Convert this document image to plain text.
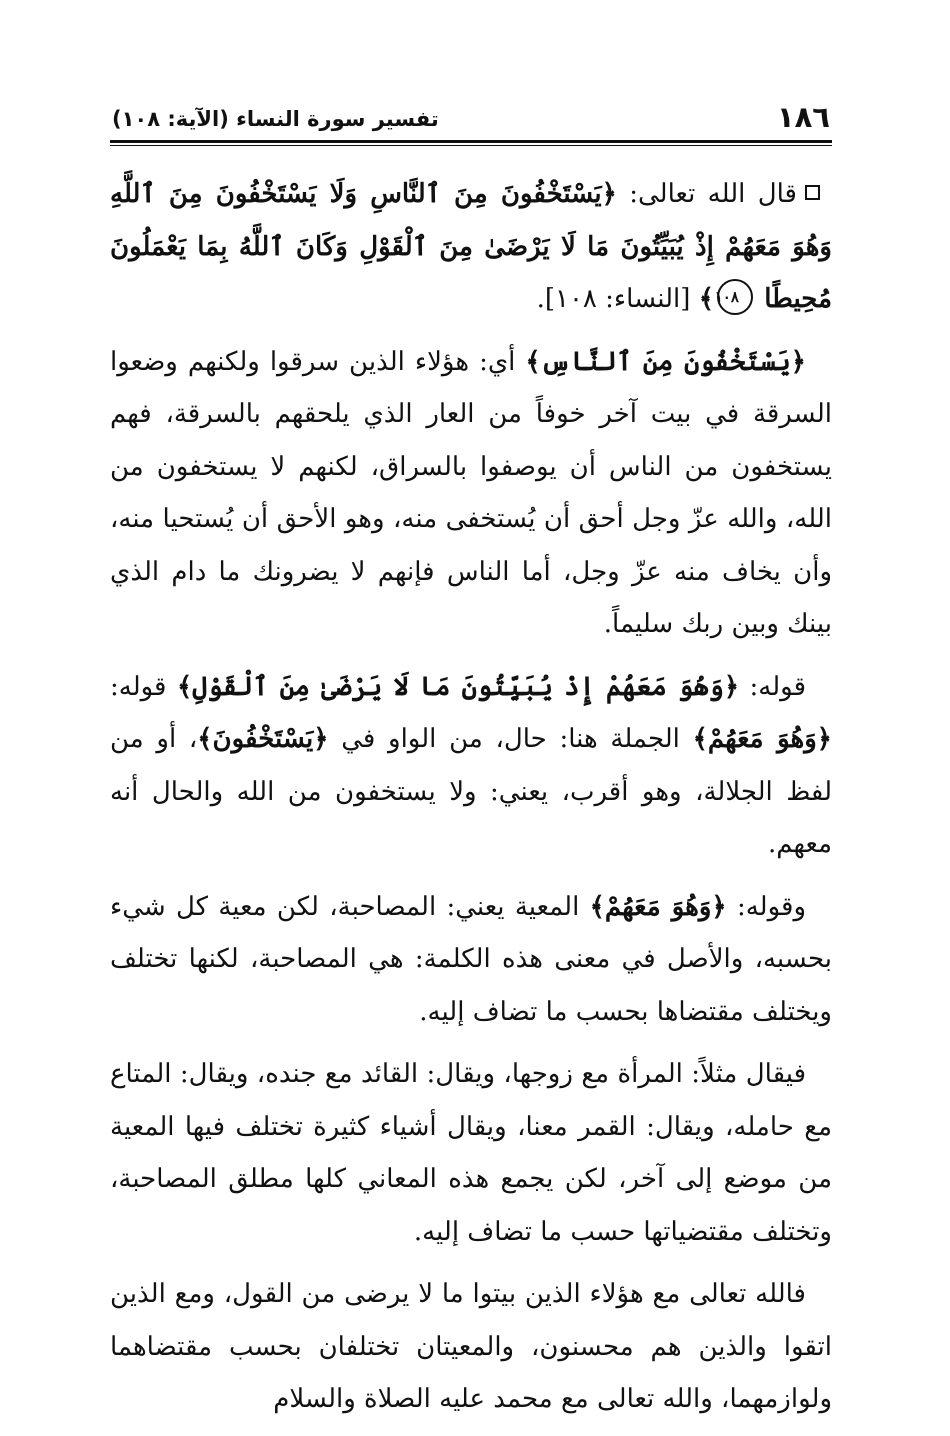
١٨٦
تفسير سورة النساء (الآية: ١٠٨)

قال الله تعالى: ﴿يَسْتَخْفُونَ مِنَ ٱلنَّاسِ وَلَا يَسْتَخْفُونَ مِنَ ٱللَّهِ وَهُوَ مَعَهُمْ إِذْ يُبَيِّتُونَ مَا لَا يَرْضَىٰ مِنَ ٱلْقَوْلِ وَكَانَ ٱللَّهُ بِمَا يَعْمَلُونَ مُحِيطًا ١٠٨﴾ [النساء: ١٠٨].

﴿يَسْتَخْفُونَ مِنَ ٱلنَّاسِ﴾ أي: هؤلاء الذين سرقوا ولكنهم وضعوا السرقة في بيت آخر خوفاً من العار الذي يلحقهم بالسرقة، فهم يستخفون من الناس أن يوصفوا بالسراق، لكنهم لا يستخفون من الله، والله عزّ وجل أحق أن يُستخفى منه، وهو الأحق أن يُستحيا منه، وأن يخاف منه عزّ وجل، أما الناس فإنهم لا يضرونك ما دام الذي بينك وبين ربك سليماً.

قوله: ﴿وَهُوَ مَعَهُمْ إِذْ يُبَيِّتُونَ مَا لَا يَرْضَىٰ مِنَ ٱلْقَوْلِ﴾ قوله: ﴿وَهُوَ مَعَهُمْ﴾ الجملة هنا: حال، من الواو في ﴿يَسْتَخْفُونَ﴾، أو من لفظ الجلالة، وهو أقرب، يعني: ولا يستخفون من الله والحال أنه معهم.

وقوله: ﴿وَهُوَ مَعَهُمْ﴾ المعية يعني: المصاحبة، لكن معية كل شيء بحسبه، والأصل في معنى هذه الكلمة: هي المصاحبة، لكنها تختلف ويختلف مقتضاها بحسب ما تضاف إليه.

فيقال مثلاً: المرأة مع زوجها، ويقال: القائد مع جنده، ويقال: المتاع مع حامله، ويقال: القمر معنا، ويقال أشياء كثيرة تختلف فيها المعية من موضع إلى آخر، لكن يجمع هذه المعاني كلها مطلق المصاحبة، وتختلف مقتضياتها حسب ما تضاف إليه.

فالله تعالى مع هؤلاء الذين بيتوا ما لا يرضى من القول، ومع الذين اتقوا والذين هم محسنون، والمعيتان تختلفان بحسب مقتضاهما ولوازمهما، والله تعالى مع محمد عليه الصلاة والسلام
